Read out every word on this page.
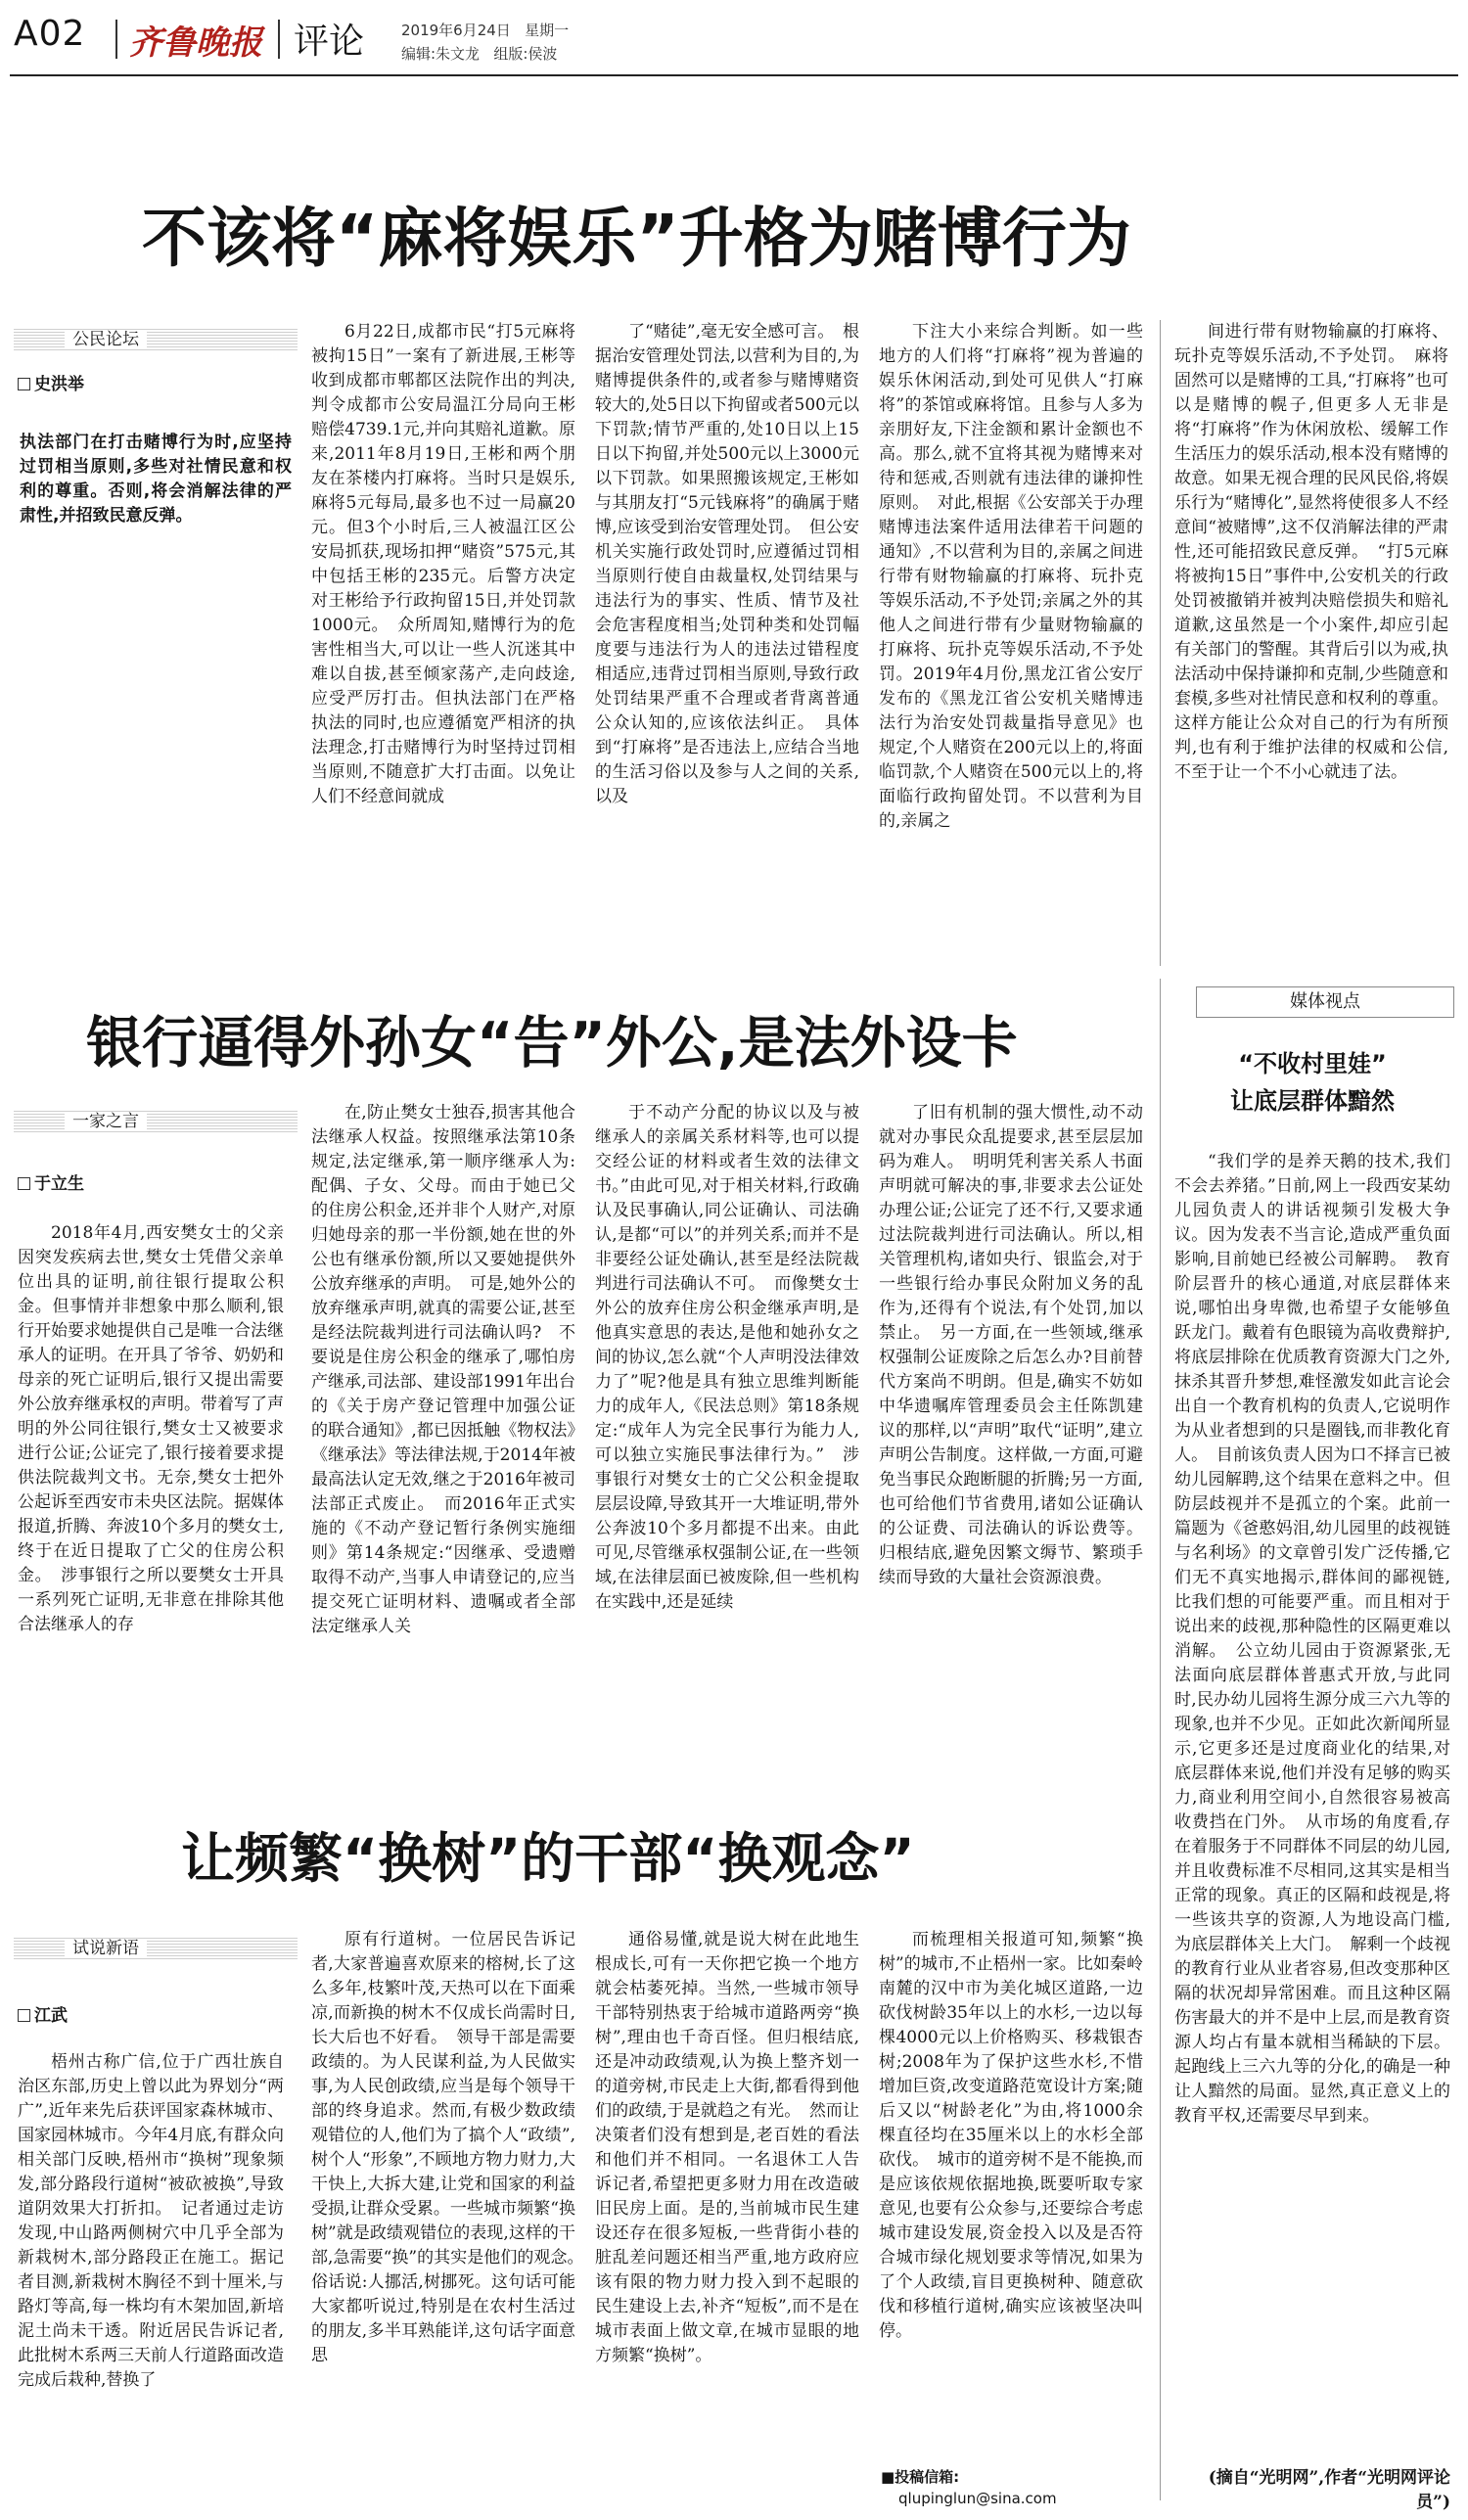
A02 齐鲁晚报 评论	2019年6月24日 星期一
编辑:朱文龙 组版:侯波
不该将“麻将娱乐”升格为赌博行为
公民论坛
史洪举
执法部门在打击赌博行为时,应坚持过罚相当原则,多些对社情民意和权利的尊重。否则,将会消解法律的严肃性,并招致民意反弹。

6月22日,成都市民“打5元麻将被拘15日”一案有了新进展,王彬等收到成都市郫都区法院作出的判决,判令成都市公安局温江分局向王彬赔偿4739.1元,并向其赔礼道歉。原来,2011年8月19日,王彬和两个朋友在茶楼内打麻将。当时只是娱乐,麻将5元每局,最多也不过一局赢20元。但3个小时后,三人被温江区公安局抓获,现场扣押“赌资”575元,其中包括王彬的235元。后警方决定对王彬给予行政拘留15日,并处罚款1000元。　众所周知,赌博行为的危害性相当大,可以让一些人沉迷其中难以自拔,甚至倾家荡产,走向歧途,应受严厉打击。但执法部门在严格执法的同时,也应遵循宽严相济的执法理念,打击赌博行为时坚持过罚相当原则,不随意扩大打击面。以免让人们不经意间就成

了“赌徒”,毫无安全感可言。　根据治安管理处罚法,以营利为目的,为赌博提供条件的,或者参与赌博赌资较大的,处5日以下拘留或者500元以下罚款;情节严重的,处10日以上15日以下拘留,并处500元以上3000元以下罚款。如果照搬该规定,王彬如与其朋友打“5元钱麻将”的确属于赌博,应该受到治安管理处罚。　但公安机关实施行政处罚时,应遵循过罚相当原则行使自由裁量权,处罚结果与违法行为的事实、性质、情节及社会危害程度相当;处罚种类和处罚幅度要与违法行为人的违法过错程度相适应,违背过罚相当原则,导致行政处罚结果严重不合理或者背离普通公众认知的,应该依法纠正。　具体到“打麻将”是否违法上,应结合当地的生活习俗以及参与人之间的关系,以及

下注大小来综合判断。如一些地方的人们将“打麻将”视为普遍的娱乐休闲活动,到处可见供人“打麻将”的茶馆或麻将馆。且参与人多为亲朋好友,下注金额和累计金额也不高。那么,就不宜将其视为赌博来对待和惩戒,否则就有违法律的谦抑性原则。　对此,根据《公安部关于办理赌博违法案件适用法律若干问题的通知》,不以营利为目的,亲属之间进行带有财物输赢的打麻将、玩扑克等娱乐活动,不予处罚;亲属之外的其他人之间进行带有少量财物输赢的打麻将、玩扑克等娱乐活动,不予处罚。2019年4月份,黑龙江省公安厅发布的《黑龙江省公安机关赌博违法行为治安处罚裁量指导意见》也规定,个人赌资在200元以上的,将面临罚款,个人赌资在500元以上的,将面临行政拘留处罚。不以营利为目的,亲属之

间进行带有财物输赢的打麻将、玩扑克等娱乐活动,不予处罚。　麻将固然可以是赌博的工具,“打麻将”也可以是赌博的幌子,但更多人无非是将“打麻将”作为休闲放松、缓解工作生活压力的娱乐活动,根本没有赌博的故意。如果无视合理的民风民俗,将娱乐行为“赌博化”,显然将使很多人不经意间“被赌博”,这不仅消解法律的严肃性,还可能招致民意反弹。　“打5元麻将被拘15日”事件中,公安机关的行政处罚被撤销并被判决赔偿损失和赔礼道歉,这虽然是一个小案件,却应引起有关部门的警醒。其背后引以为戒,执法活动中保持谦抑和克制,少些随意和套模,多些对社情民意和权利的尊重。这样方能让公众对自己的行为有所预判,也有利于维护法律的权威和公信,不至于让一个不小心就违了法。

银行逼得外孙女“告”外公,是法外设卡
一家之言
于立生

2018年4月,西安樊女士的父亲因突发疾病去世,樊女士凭借父亲单位出具的证明,前往银行提取公积金。但事情并非想象中那么顺利,银行开始要求她提供自己是唯一合法继承人的证明。在开具了爷爷、奶奶和母亲的死亡证明后,银行又提出需要外公放弃继承权的声明。带着写了声明的外公同往银行,樊女士又被要求进行公证;公证完了,银行接着要求提供法院裁判文书。无奈,樊女士把外公起诉至西安市未央区法院。据媒体报道,折腾、奔波10个多月的樊女士,终于在近日提取了亡父的住房公积金。　涉事银行之所以要樊女士开具一系列死亡证明,无非意在排除其他合法继承人的存

在,防止樊女士独吞,损害其他合法继承人权益。按照继承法第10条规定,法定继承,第一顺序继承人为:配偶、子女、父母。而由于她已父的住房公积金,还并非个人财产,对原归她母亲的那一半份额,她在世的外公也有继承份额,所以又要她提供外公放弃继承的声明。　可是,她外公的放弃继承声明,就真的需要公证,甚至是经法院裁判进行司法确认吗?　不要说是住房公积金的继承了,哪怕房产继承,司法部、建设部1991年出台的《关于房产登记管理中加强公证的联合通知》,都已因抵触《物权法》《继承法》等法律法规,于2014年被最高法认定无效,继之于2016年被司法部正式废止。　而2016年正式实施的《不动产登记暂行条例实施细则》第14条规定:“因继承、受遗赠取得不动产,当事人申请登记的,应当提交死亡证明材料、遗嘱或者全部法定继承人关

于不动产分配的协议以及与被继承人的亲属关系材料等,也可以提交经公证的材料或者生效的法律文书。”由此可见,对于相关材料,行政确认及民事确认,同公证确认、司法确认,是都“可以”的并列关系;而并不是非要经公证处确认,甚至是经法院裁判进行司法确认不可。　而像樊女士外公的放弃住房公积金继承声明,是他真实意思的表达,是他和她孙女之间的协议,怎么就“个人声明没法律效力了”呢?他是具有独立思维判断能力的成年人,《民法总则》第18条规定:“成年人为完全民事行为能力人,可以独立实施民事法律行为。”　涉事银行对樊女士的亡父公积金提取层层设障,导致其开一大堆证明,带外公奔波10个多月都提不出来。由此可见,尽管继承权强制公证,在一些领域,在法律层面已被废除,但一些机构在实践中,还是延续

了旧有机制的强大惯性,动不动就对办事民众乱提要求,甚至层层加码为难人。　明明凭利害关系人书面声明就可解决的事,非要求去公证处办理公证;公证完了还不行,又要求通过法院裁判进行司法确认。所以,相关管理机构,诸如央行、银监会,对于一些银行给办事民众附加义务的乱作为,还得有个说法,有个处罚,加以禁止。　另一方面,在一些领域,继承权强制公证废除之后怎么办?目前替代方案尚不明朗。但是,确实不妨如中华遗嘱库管理委员会主任陈凯建议的那样,以“声明”取代“证明”,建立声明公告制度。这样做,一方面,可避免当事民众跑断腿的折腾;另一方面,也可给他们节省费用,诸如公证确认的公证费、司法确认的诉讼费等。归根结底,避免因繁文缛节、繁琐手续而导致的大量社会资源浪费。

让频繁“换树”的干部“换观念”
试说新语
江武

梧州古称广信,位于广西壮族自治区东部,历史上曾以此为界划分“两广”,近年来先后获评国家森林城市、国家园林城市。今年4月底,有群众向相关部门反映,梧州市“换树”现象频发,部分路段行道树“被砍被换”,导致道阴效果大打折扣。　记者通过走访发现,中山路两侧树穴中几乎全部为新栽树木,部分路段正在施工。据记者目测,新栽树木胸径不到十厘米,与路灯等高,每一株均有木架加固,新培泥土尚未干透。附近居民告诉记者,此批树木系两三天前人行道路面改造完成后栽种,替换了

原有行道树。一位居民告诉记者,大家普遍喜欢原来的榕树,长了这么多年,枝繁叶茂,天热可以在下面乘凉,而新换的树木不仅成长尚需时日,长大后也不好看。　领导干部是需要政绩的。为人民谋利益,为人民做实事,为人民创政绩,应当是每个领导干部的终身追求。然而,有极少数政绩观错位的人,他们为了搞个人“政绩”,树个人“形象”,不顾地方物力财力,大干快上,大拆大建,让党和国家的利益受损,让群众受累。一些城市频繁“换树”就是政绩观错位的表现,这样的干部,急需要“换”的其实是他们的观念。　俗话说:人挪活,树挪死。这句话可能大家都听说过,特别是在农村生活过的朋友,多半耳熟能详,这句话字面意思

通俗易懂,就是说大树在此地生根成长,可有一天你把它换一个地方就会枯萎死掉。当然,一些城市领导干部特别热衷于给城市道路两旁“换树”,理由也千奇百怪。但归根结底,还是冲动政绩观,认为换上整齐划一的道旁树,市民走上大街,都看得到他们的政绩,于是就趋之有光。　然而让决策者们没有想到是,老百姓的看法和他们并不相同。一名退休工人告诉记者,希望把更多财力用在改造破旧民房上面。是的,当前城市民生建设还存在很多短板,一些背街小巷的脏乱差问题还相当严重,地方政府应该有限的物力财力投入到不起眼的民生建设上去,补齐“短板”,而不是在城市表面上做文章,在城市显眼的地方频繁“换树”。

而梳理相关报道可知,频繁“换树”的城市,不止梧州一家。比如秦岭南麓的汉中市为美化城区道路,一边砍伐树龄35年以上的水杉,一边以每棵4000元以上价格购买、移栽银杏树;2008年为了保护这些水杉,不惜增加巨资,改变道路范宽设计方案;随后又以“树龄老化”为由,将1000余棵直径均在35厘米以上的水杉全部砍伐。　城市的道旁树不是不能换,而是应该依规依据地换,既要听取专家意见,也要有公众参与,还要综合考虑城市建设发展,资金投入以及是否符合城市绿化规划要求等情况,如果为了个人政绩,盲目更换树种、随意砍伐和移植行道树,确实应该被坚决叫停。

■投稿信箱:
qlupinglun@sina.com
媒体视点
“不收村里娃”
让底层群体黯然

“我们学的是养天鹅的技术,我们不会去养猪。”日前,网上一段西安某幼儿园负责人的讲话视频引发极大争议。因为发表不当言论,造成严重负面影响,目前她已经被公司解聘。　教育阶层晋升的核心通道,对底层群体来说,哪怕出身卑微,也希望子女能够鱼跃龙门。戴着有色眼镜为高收费辩护,将底层排除在优质教育资源大门之外,抹杀其晋升梦想,难怪激发如此言论会出自一个教育机构的负责人,它说明作为从业者想到的只是圈钱,而非教化育人。　目前该负责人因为口不择言已被幼儿园解聘,这个结果在意料之中。但防层歧视并不是孤立的个案。此前一篇题为《爸憨妈泪,幼儿园里的歧视链与名利场》的文章曾引发广泛传播,它们无不真实地揭示,群体间的鄙视链,比我们想的可能要严重。而且相对于说出来的歧视,那种隐性的区隔更难以消解。　公立幼儿园由于资源紧张,无法面向底层群体普惠式开放,与此同时,民办幼儿园将生源分成三六九等的现象,也并不少见。正如此次新闻所显示,它更多还是过度商业化的结果,对底层群体来说,他们并没有足够的购买力,商业利用空间小,自然很容易被高收费挡在门外。　从市场的角度看,存在着服务于不同群体不同层的幼儿园,并且收费标准不尽相同,这其实是相当正常的现象。真正的区隔和歧视是,将一些该共享的资源,人为地设高门槛,为底层群体关上大门。　解剩一个歧视的教育行业从业者容易,但改变那种区隔的状况却异常困难。而且这种区隔伤害最大的并不是中上层,而是教育资源人均占有量本就相当稀缺的下层。起跑线上三六九等的分化,的确是一种让人黯然的局面。显然,真正意义上的教育平权,还需要尽早到来。

(摘自“光明网”,作者“光明网评论员”)
